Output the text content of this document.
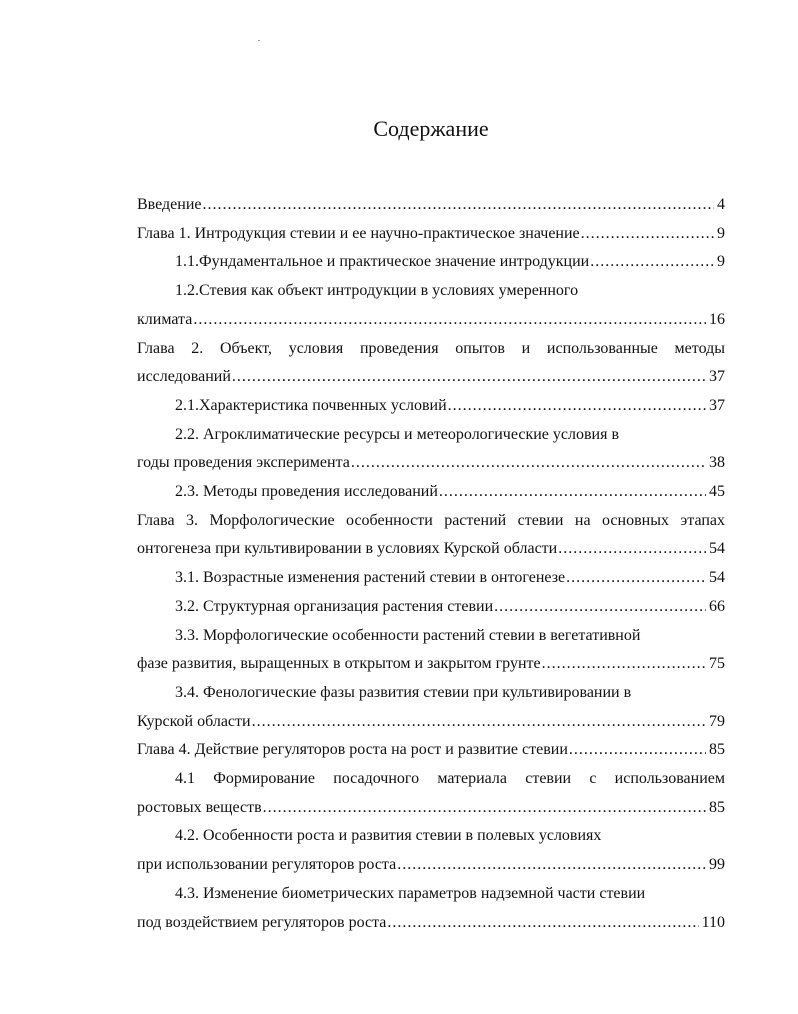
Содержание
Введение .....	4
Глава 1. Интродукция стевии и ее научно-практическое значение .....	9
1.1.Фундаментальное и практическое значение интродукции .....	9
1.2.Стевия как объект интродукции в условиях умеренного
климата .....	16
Глава 2. Объект, условия проведения опытов и использованные методы
исследований .....	37
2.1.Характеристика почвенных условий .....	37
2.2. Агроклиматические ресурсы и метеорологические условия в
годы проведения эксперимента .....	38
2.3. Методы проведения исследований .....	45
Глава 3. Морфологические особенности растений стевии на основных этапах
онтогенеза при культивировании в условиях Курской области .....	54
3.1. Возрастные изменения растений стевии в онтогенезе .....	54
3.2. Структурная организация растения стевии .....	66
3.3. Морфологические особенности растений стевии в вегетативной
фазе развития, выращенных в открытом и закрытом грунте .....	75
3.4. Фенологические фазы развития стевии при культивировании в
Курской области .....	79
Глава 4. Действие регуляторов роста на рост и развитие стевии .....	85
4.1 Формирование посадочного материала стевии с использованием
ростовых веществ .....	85
4.2. Особенности роста и развития стевии в полевых условиях
при использовании регуляторов роста .....	99
4.3. Изменение биометрических параметров надземной части стевии
под воздействием регуляторов роста .....	110
